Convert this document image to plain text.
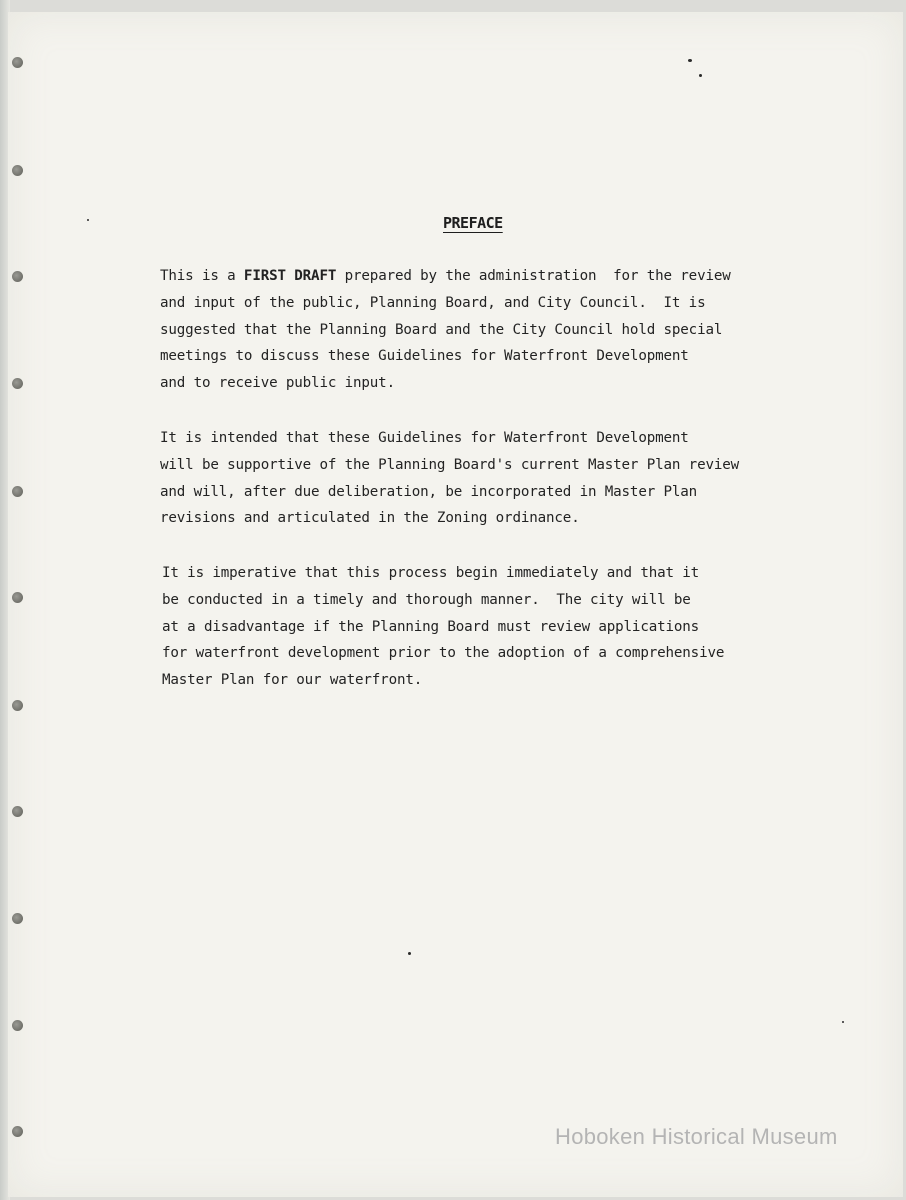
PREFACE
This is a FIRST DRAFT prepared by the administration  for the review
and input of the public, Planning Board, and City Council.  It is
suggested that the Planning Board and the City Council hold special
meetings to discuss these Guidelines for Waterfront Development
and to receive public input.
It is intended that these Guidelines for Waterfront Development
will be supportive of the Planning Board's current Master Plan review
and will, after due deliberation, be incorporated in Master Plan
revisions and articulated in the Zoning ordinance.
It is imperative that this process begin immediately and that it
be conducted in a timely and thorough manner.  The city will be
at a disadvantage if the Planning Board must review applications
for waterfront development prior to the adoption of a comprehensive
Master Plan for our waterfront.
Hoboken Historical Museum
